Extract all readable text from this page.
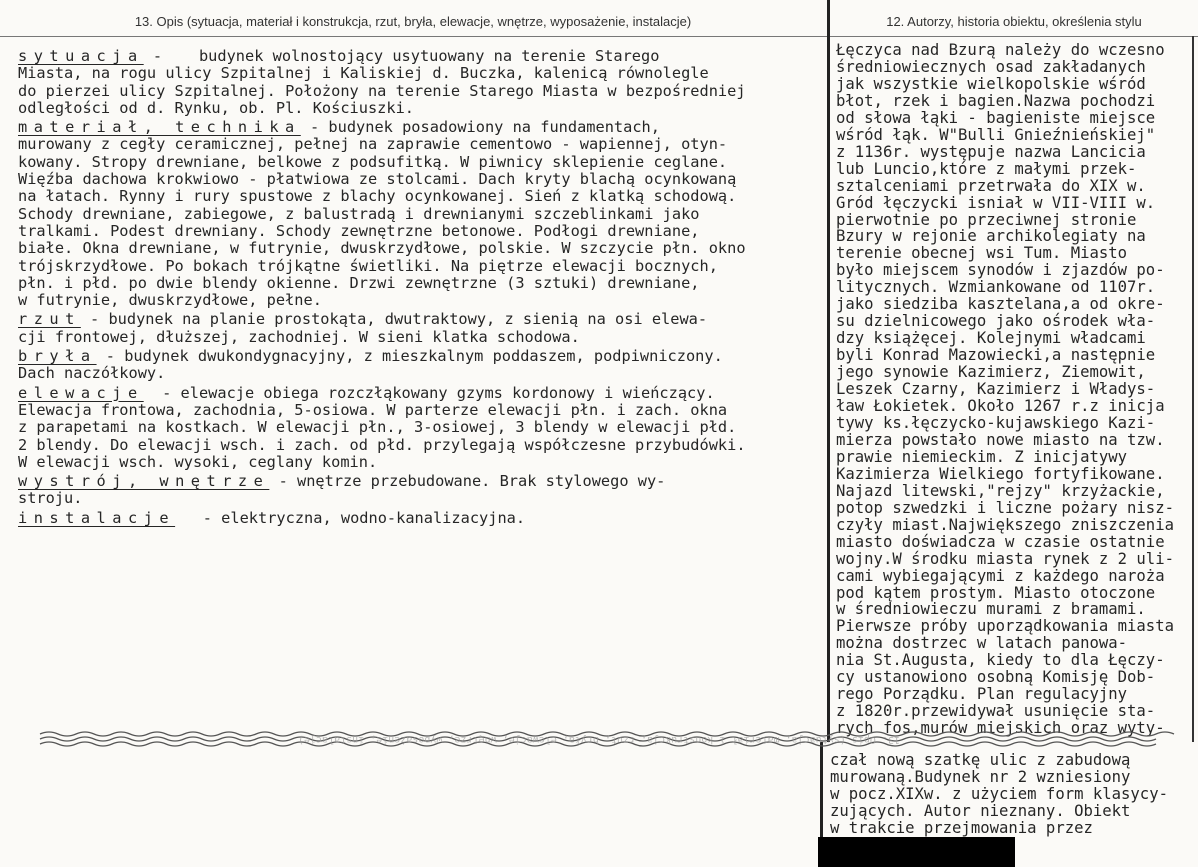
13. Opis (sytuacja, materiał i konstrukcja, rzut, bryła, elewacje, wnętrze, wyposażenie, instalacje)	12. Autorzy, historia obiektu, określenia stylu
sytuacja -    budynek wolnostojący usytuowany na terenie Starego
Miasta, na rogu ulicy Szpitalnej i Kaliskiej d. Buczka, kalenicą równolegle
do pierzei ulicy Szpitalnej. Położony na terenie Starego Miasta w bezpośredniej
odległości od d. Rynku, ob. Pl. Kościuszki.
materiał, technika - budynek posadowiony na fundamentach,
murowany z cegły ceramicznej, pełnej na zaprawie cementowo - wapiennej, otyn-
kowany. Stropy drewniane, belkowe z podsufitką. W piwnicy sklepienie ceglane.
Więźba dachowa krokwiowo - płatwiowa ze stolcami. Dach kryty blachą ocynkowaną
na łatach. Rynny i rury spustowe z blachy ocynkowanej. Sień z klatką schodową.
Schody drewniane, zabiegowe, z balustradą i drewnianymi szczeblinkami jako
tralkami. Podest drewniany. Schody zewnętrzne betonowe. Podłogi drewniane,
białe. Okna drewniane, w futrynie, dwuskrzydłowe, polskie. W szczycie płn. okno
trójskrzydłowe. Po bokach trójkątne świetliki. Na piętrze elewacji bocznych,
płn. i płd. po dwie blendy okienne. Drzwi zewnętrzne (3 sztuki) drewniane,
w futrynie, dwuskrzydłowe, pełne.
rzut - budynek na planie prostokąta, dwutraktowy, z sienią na osi elewa-
cji frontowej, dłuższej, zachodniej. W sieni klatka schodowa.
bryła - budynek dwukondygnacyjny, z mieszkalnym poddaszem, podpiwniczony.
Dach naczółkowy.
elewacje  - elewacje obiega rozczłąkowany gzyms kordonowy i wieńczący.
Elewacja frontowa, zachodnia, 5-osiowa. W parterze elewacji płn. i zach. okna
z parapetami na kostkach. W elewacji płn., 3-osiowej, 3 blendy w elewacji płd.
2 blendy. Do elewacji wsch. i zach. od płd. przylegają współczesne przybudówki.
W elewacji wsch. wysoki, ceglany komin.
wystrój, wnętrze - wnętrze przebudowane. Brak stylowego wy-
stroju.
instalacje   - elektryczna, wodno-kanalizacyjna.
Łęczyca nad Bzurą należy do wczesno
średniowiecznych osad zakładanych
jak wszystkie wielkopolskie wśród
błot, rzek i bagien.Nazwa pochodzi
od słowa łąki - bagieniste miejsce
wśród łąk. W"Bulli Gnieźnieńskiej"
z 1136r. występuje nazwa Lancicia
lub Luncio,które z małymi przek-
sztalceniami przetrwała do XIX w.
Gród łęczycki isniał w VII-VIII w.
pierwotnie po przeciwnej stronie
Bzury w rejonie archikolegiaty na
terenie obecnej wsi Tum. Miasto
było miejscem synodów i zjazdów po-
litycznych. Wzmiankowane od 1107r.
jako siedziba kasztelana,a od okre-
su dzielnicowego jako ośrodek wła-
dzy książęcej. Kolejnymi władcami
byli Konrad Mazowiecki,a następnie
jego synowie Kazimierz, Ziemowit,
Leszek Czarny, Kazimierz i Władys-
ław Łokietek. Około 1267 r.z inicja
tywy ks.łęczycko-kujawskiego Kazi-
mierza powstało nowe miasto na tzw.
prawie niemieckim. Z inicjatywy
Kazimierza Wielkiego fortyfikowane.
Najazd litewski,"rejzy" krzyżackie,
potop szwedzki i liczne pożary nisz-
czyły miast.Największego zniszczenia
miasto doświadcza w czasie ostatnie
wojny.W środku miasta rynek z 2 uli-
cami wybiegającymi z każdego naroża
pod kątem prostym. Miasto otoczone
w średniowieczu murami z bramami.
Pierwsze próby uporządkowania miasta
można dostrzec w latach panowa-
nia St.Augusta, kiedy to dla Łęczy-
cy ustanowiono osobną Komisję Dob-
rego Porządku. Plan regulacyjny
z 1820r.przewidywał usunięcie sta-
rych fos,murów miejskich oraz wyty-
13. Opis (sytuacja, materiał i konstrukcja, rzut, bryła, elewacje, wnętrze, wyposażenie, instalacje)
czał nową szatkę ulic z zabudową
murowaną.Budynek nr 2 wzniesiony
w pocz.XIXw. z użyciem form klasycy-
zujących. Autor nieznany. Obiekt
w trakcie przejmowania przez
